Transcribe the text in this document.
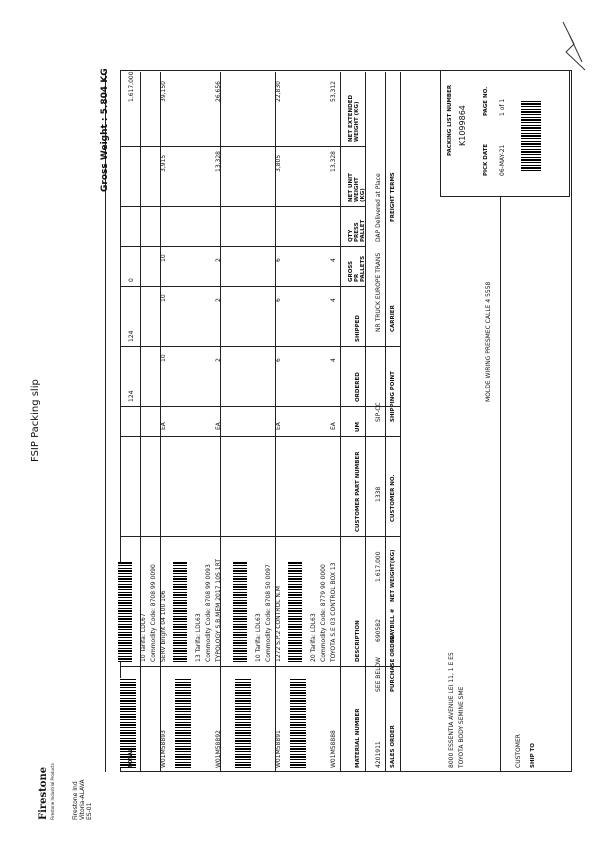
FSIP Packing slip
Firestone Firestone Industrial Products	Firestone Ind Vitoria-ALAVA ES-01
PACKING LIST NUMBER K1099864
PICK DATE
PAGE NO.
06-MAY-21
1 of 1
SHIP TO
CUSTOMER
TOYOTA BODY SEMINE SME
8000 ESSENTIA AVENUE LEI 11, 1 E E5
MOLDE WIRING PRESMEC CALLE 4 5558
SALES ORDER
PURCHASE ORDER
WAYBILL #
NET WEIGHT(KG)
CUSTOMER NO.
SHIPPING POINT
CARRIER
FREIGHT TERMS
4201911
SEE BELOW
690582
1.617,000
1338
SIP-CC
NR TRUCK EUROPE TRANS
DAP Delivered at Place
MATERIAL NUMBER
DESCRIPTION
CUSTOMER PART NUMBER
UM
ORDERED
SHIPPED
GROSS PR PALLETS
QTY PRESS PALLET
NET UNIT WEIGHT (KG)
NET EXTENDED WEIGHT (KG)
W01M58888
TOYOTA S.E 03 CONTROL BOX 13
Commodity Code: 8779 90 0000
20 Tarifa: LDL63
EA
4
4
4
13,328
53,312
W01M58891
1272 S.P.2 CONTROL N.M
Commodity Code: 8708 50 0097
10 Tarifa: LDL63
EA
6
6
6
3,805
22,830
W01M58892
TYPOLOGY S.B.MEM 2017 10S 1RT
Commodity Code: 8708 99 0093
13 Tarifa: LDL63
EA
2
2
2
13,328
26,656
W01M58893
SERV bright 04 100 106
Commodity Code: 8708 99 0090
10 Tarifa: LDL67
EA
10
10
10
3,915
39,150
TOTAL
124
124
0
1.617,000
Gross Weight : 5.804 KG
